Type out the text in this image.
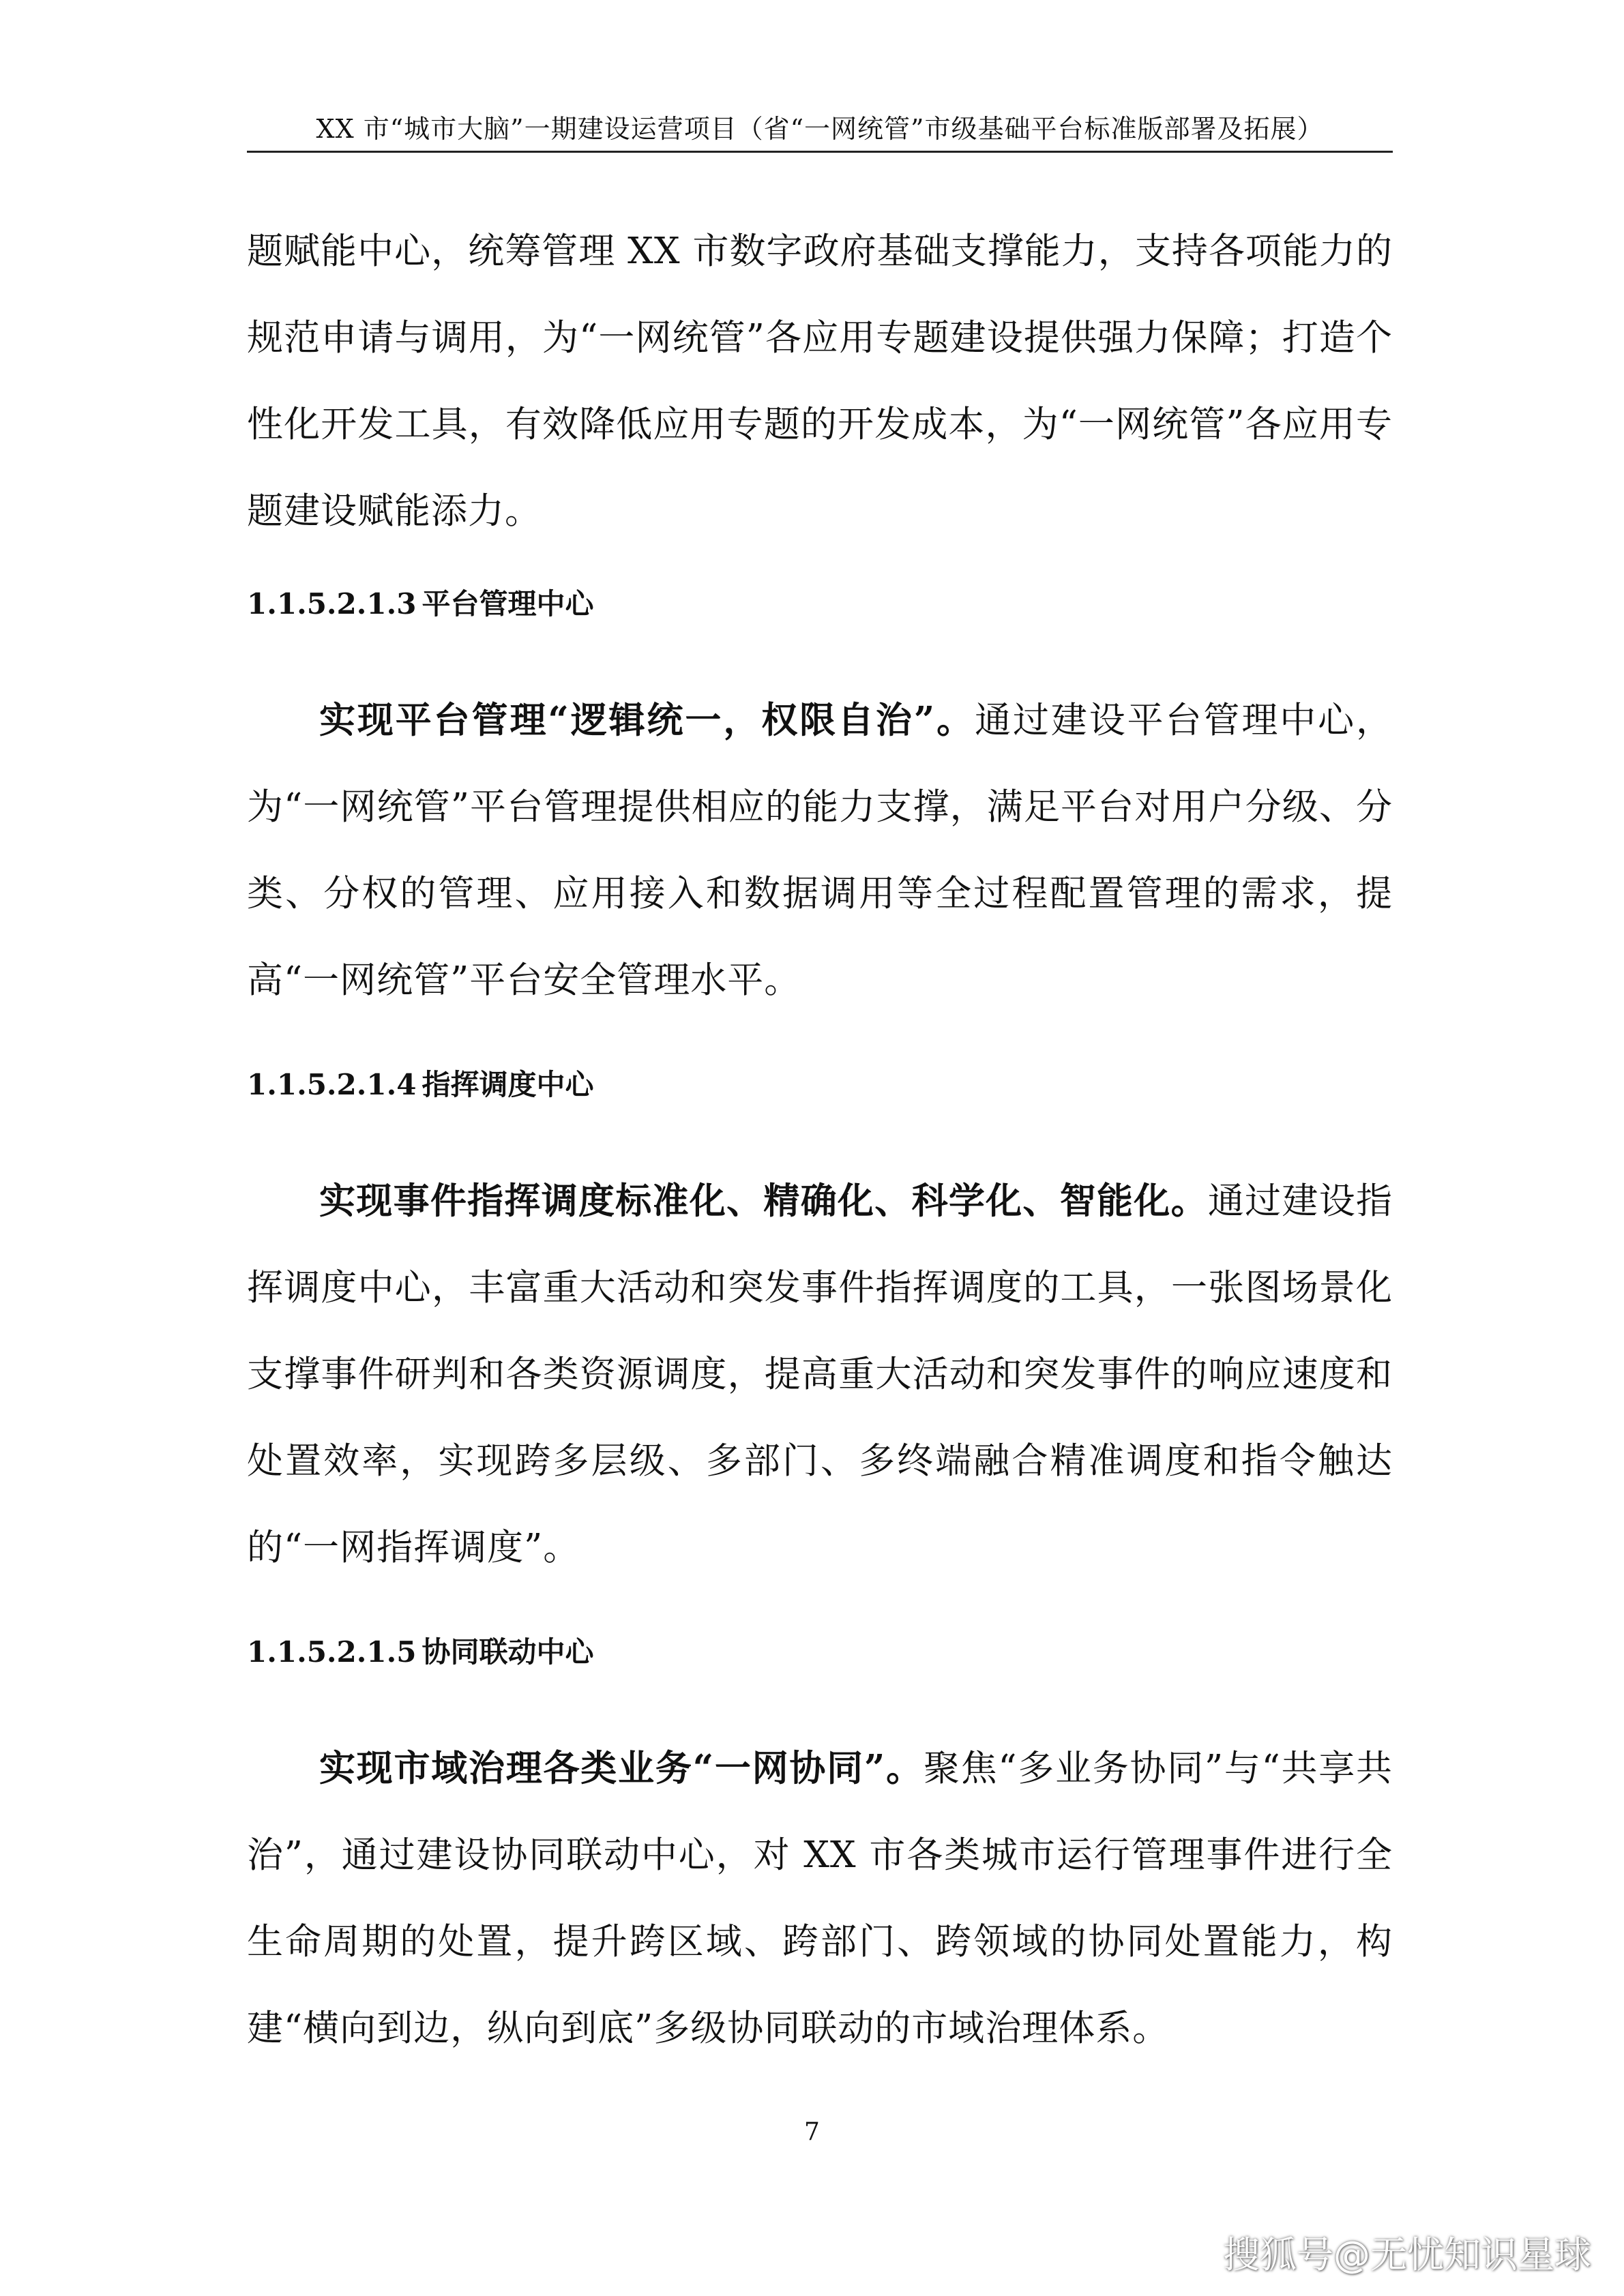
XX 市“城市大脑”一期建设运营项目（省“一网统管”市级基础平台标准版部署及拓展）

题赋能中心，统筹管理 XX 市数字政府基础支撑能力，支持各项能力的规范申请与调用，为“一网统管”各应用专题建设提供强力保障；打造个性化开发工具，有效降低应用专题的开发成本，为“一网统管”各应用专题建设赋能添力。

1.1.5.2.1.3 平台管理中心

实现平台管理“逻辑统一，权限自治”。通过建设平台管理中心，为“一网统管”平台管理提供相应的能力支撑，满足平台对用户分级、分类、分权的管理、应用接入和数据调用等全过程配置管理的需求，提高“一网统管”平台安全管理水平。

1.1.5.2.1.4 指挥调度中心

实现事件指挥调度标准化、精确化、科学化、智能化。通过建设指挥调度中心，丰富重大活动和突发事件指挥调度的工具，一张图场景化支撑事件研判和各类资源调度，提高重大活动和突发事件的响应速度和处置效率，实现跨多层级、多部门、多终端融合精准调度和指令触达的“一网指挥调度”。

1.1.5.2.1.5 协同联动中心

实现市域治理各类业务“一网协同”。聚焦“多业务协同”与“共享共治”，通过建设协同联动中心，对 XX 市各类城市运行管理事件进行全生命周期的处置，提升跨区域、跨部门、跨领域的协同处置能力，构建“横向到边，纵向到底”多级协同联动的市域治理体系。

7
搜狐号@无忧知识星球
